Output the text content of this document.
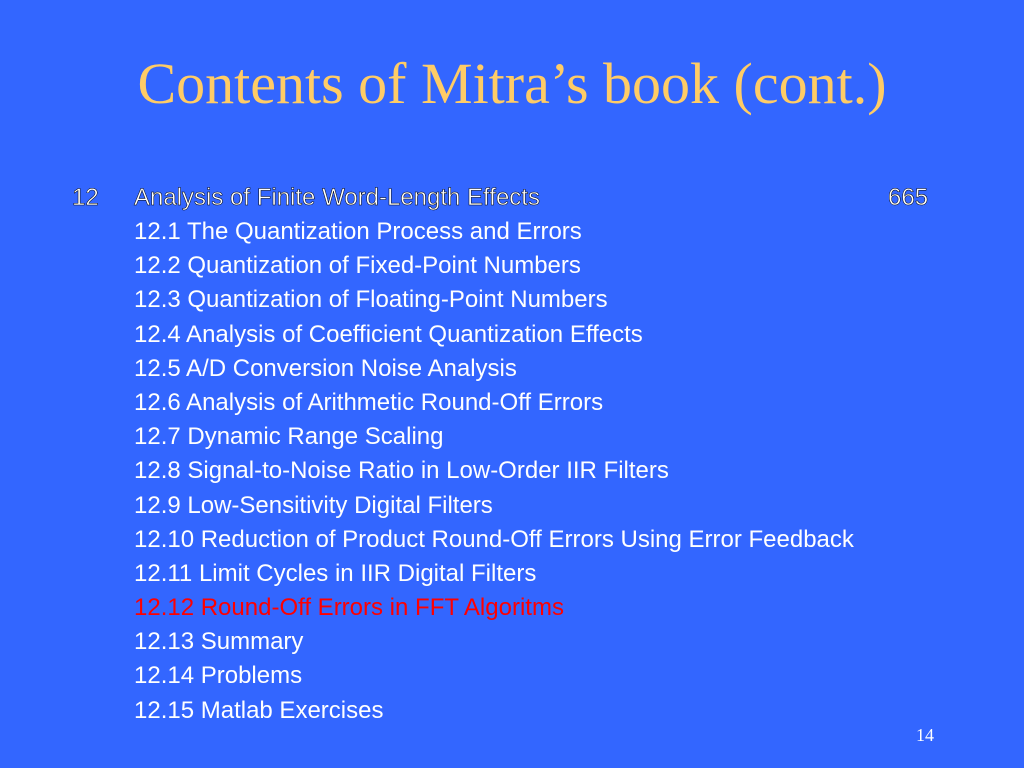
Contents of Mitra’s book (cont.)
12 Analysis of Finite Word-Length Effects	665
12.1 The Quantization Process and Errors
12.2 Quantization of Fixed-Point Numbers
12.3 Quantization of Floating-Point Numbers
12.4 Analysis of Coefficient Quantization Effects
12.5 A/D Conversion Noise Analysis
12.6 Analysis of Arithmetic Round-Off Errors
12.7 Dynamic Range Scaling
12.8 Signal-to-Noise Ratio in Low-Order IIR Filters
12.9 Low-Sensitivity Digital Filters
12.10 Reduction of Product Round-Off Errors Using Error Feedback
12.11 Limit Cycles in IIR Digital Filters
12.12 Round-Off Errors in FFT Algoritms
12.13 Summary
12.14 Problems
12.15 Matlab Exercises
14
